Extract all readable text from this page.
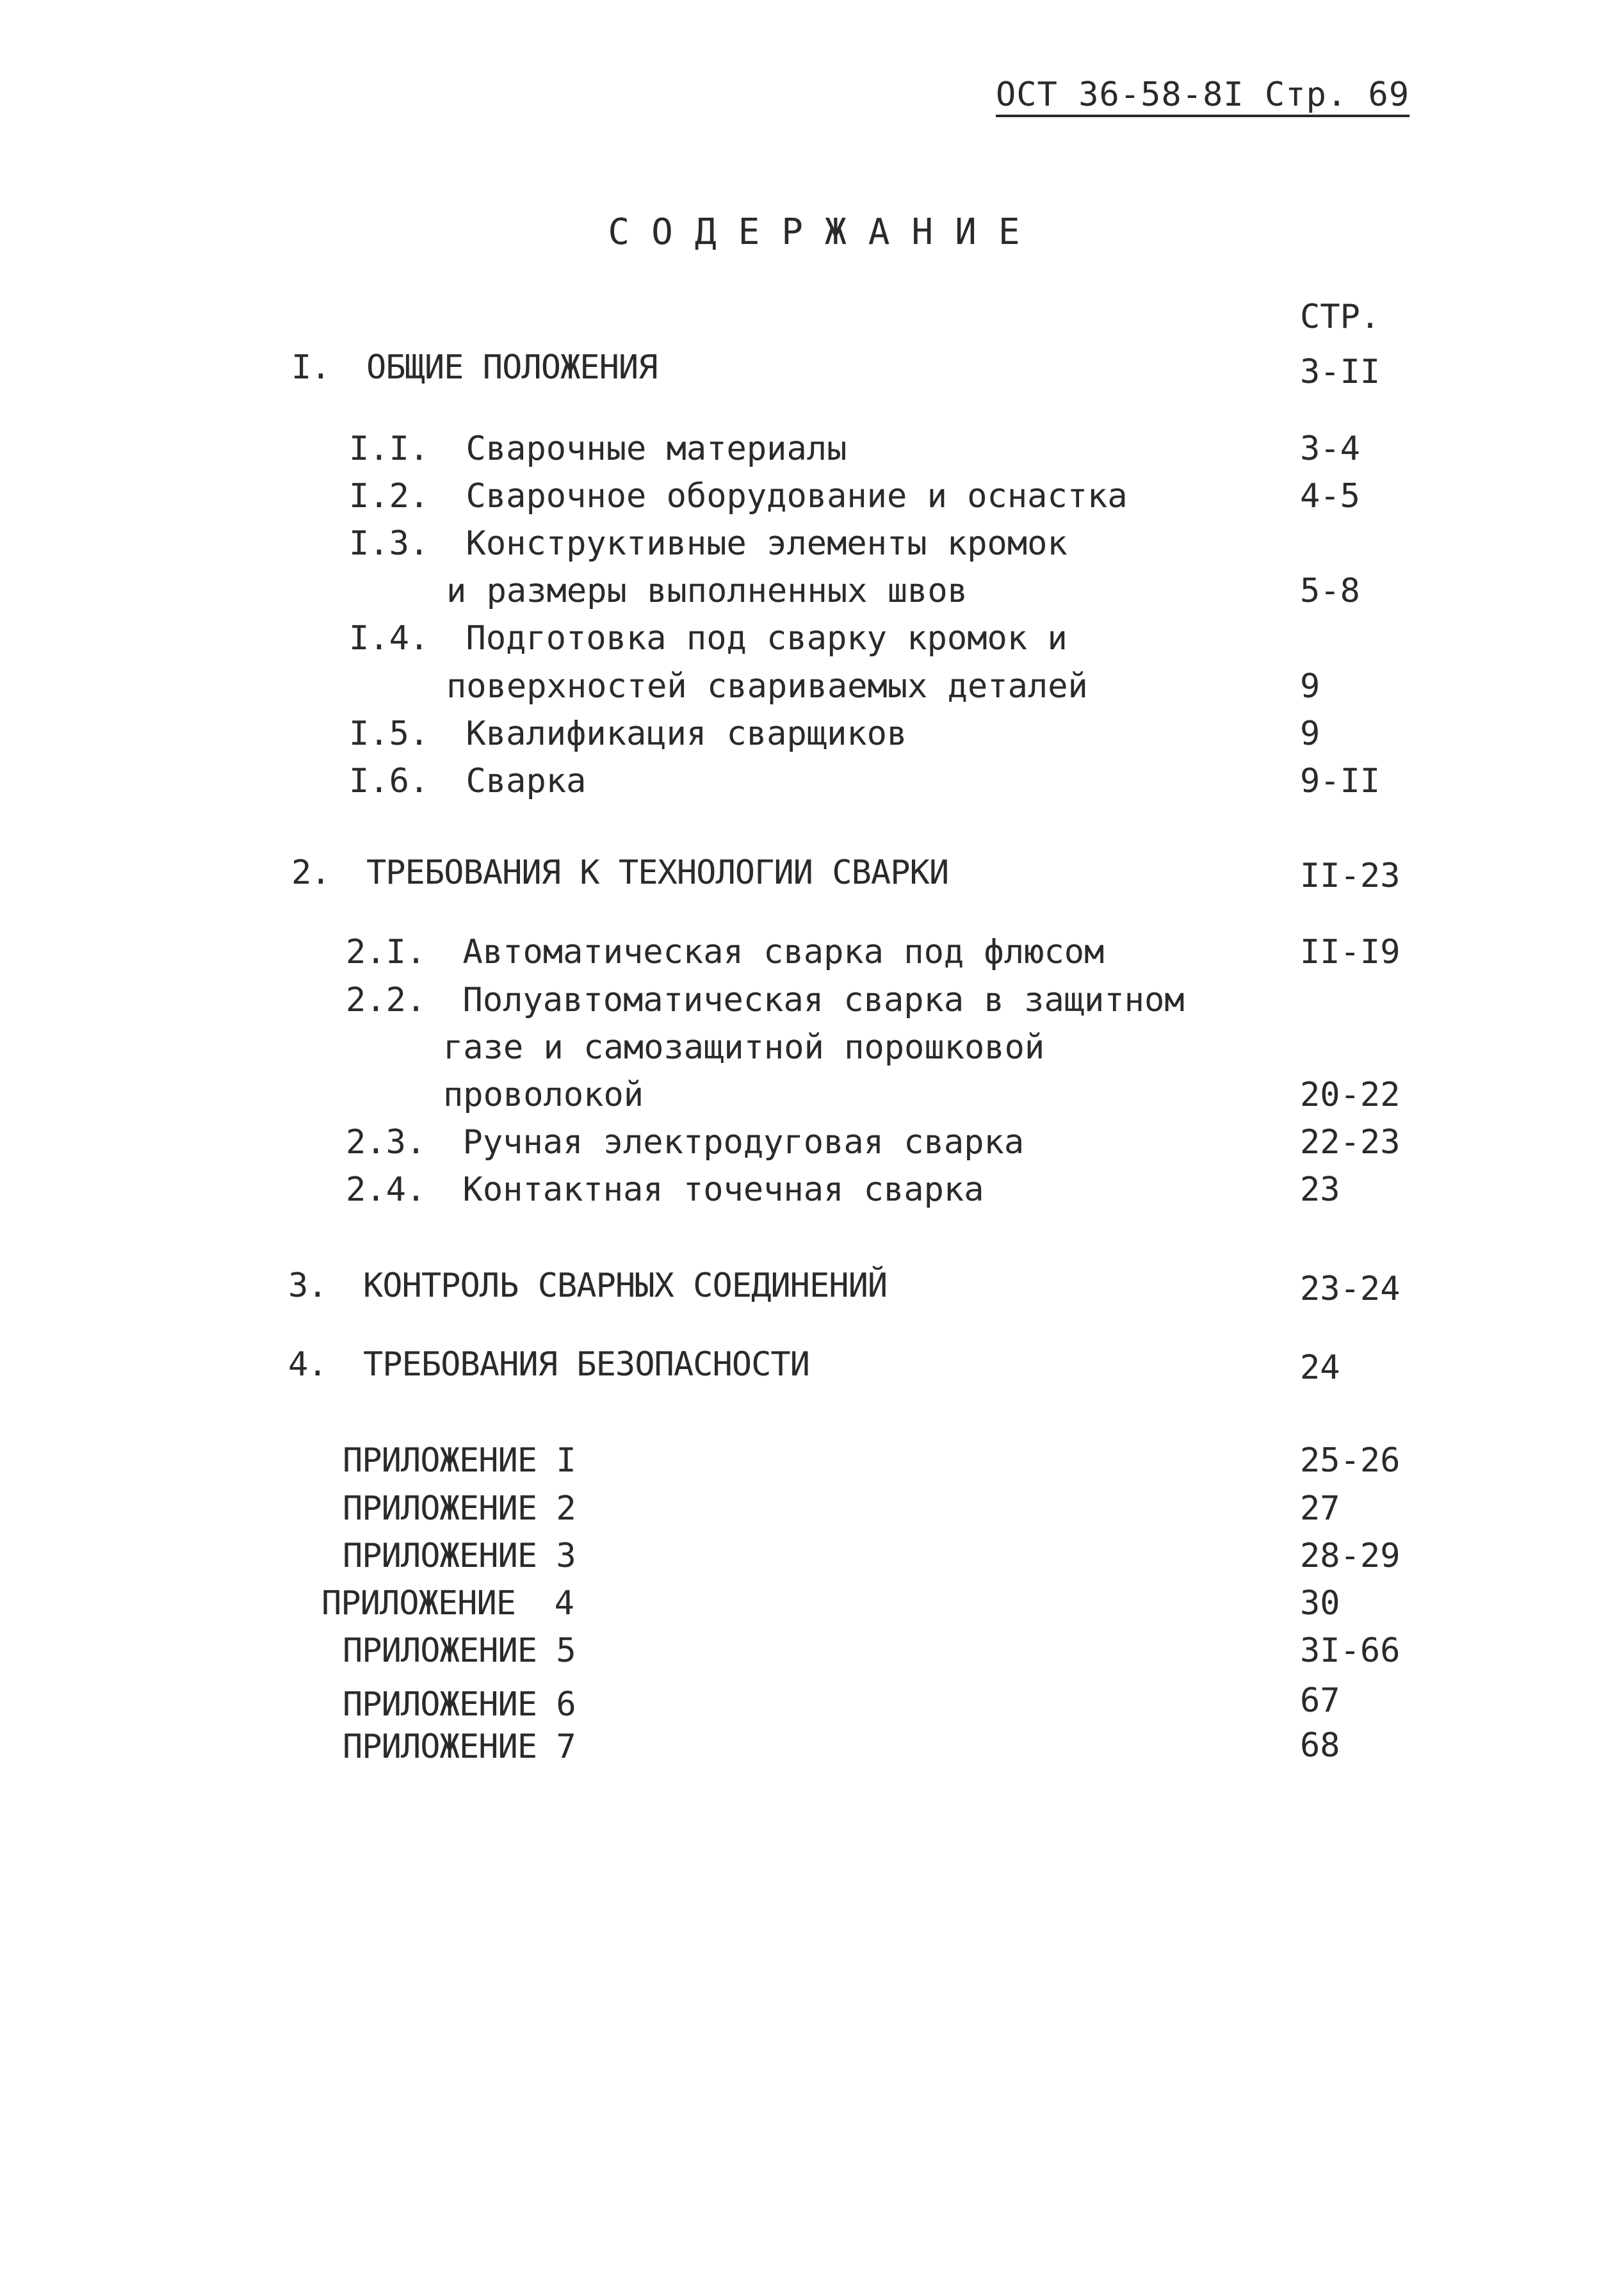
ОСТ 36-58-8I Стр. 69
СОДЕРЖАНИЕ
СТР.
I. ОБЩИЕ ПОЛОЖЕНИЯ	3-II
I.I. Сварочные материалы	3-4
I.2. Сварочное оборудование и оснастка	4-5
I.3. Конструктивные элементы кромок
и размеры выполненных швов	5-8
I.4. Подготовка под сварку кромок и
поверхностей свариваемых деталей	9
I.5. Квалификация сварщиков	9
I.6. Сварка	9-II
2. ТРЕБОВАНИЯ К ТЕХНОЛОГИИ СВАРКИ	II-23
2.I. Автоматическая сварка под флюсом	II-I9
2.2. Полуавтоматическая сварка в защитном
газе и самозащитной порошковой
проволокой	20-22
2.3. Ручная электродуговая сварка	22-23
2.4. Контактная точечная сварка	23
3. КОНТРОЛЬ СВАРНЫХ СОЕДИНЕНИЙ	23-24
4. ТРЕБОВАНИЯ БЕЗОПАСНОСТИ	24
ПРИЛОЖЕНИЕ I	25-26
ПРИЛОЖЕНИЕ 2	27
ПРИЛОЖЕНИЕ 3	28-29
ПРИЛОЖЕНИЕ  4	30
ПРИЛОЖЕНИЕ 5	3I-66
ПРИЛОЖЕНИЕ 6	67
ПРИЛОЖЕНИЕ 7	68
